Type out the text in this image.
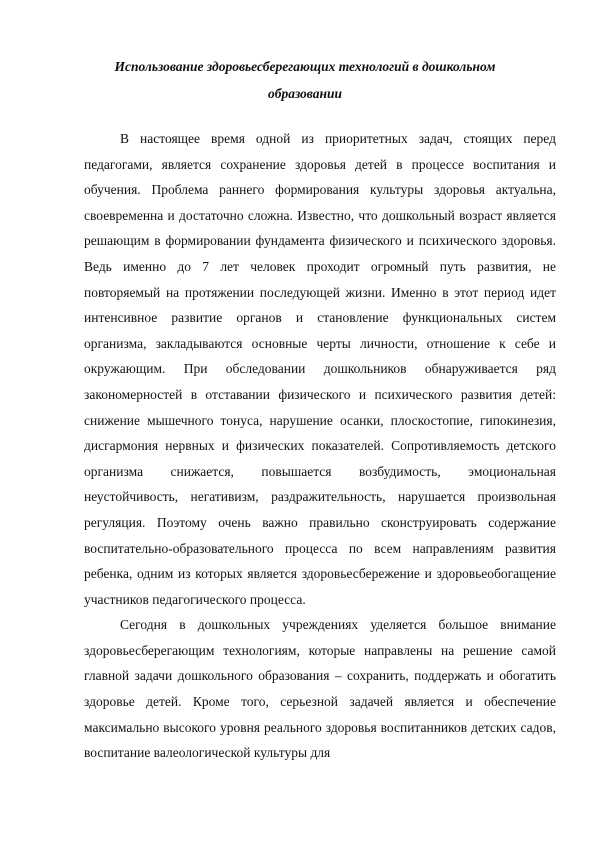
Использование здоровьесберегающих технологий в дошкольном
образовании

В настоящее время одной из приоритетных задач, стоящих перед педагогами, является сохранение здоровья детей в процессе воспитания и обучения. Проблема раннего формирования культуры здоровья актуальна, своевременна и достаточно сложна. Известно, что дошкольный возраст является решающим в формировании фундамента физического и психического здоровья. Ведь именно до 7 лет человек проходит огромный путь развития, не повторяемый на протяжении последующей жизни. Именно в этот период идет интенсивное развитие органов и становление функциональных систем организма, закладываются основные черты личности, отношение к себе и окружающим. При обследовании дошкольников обнаруживается ряд закономерностей в отставании физического и психического развития детей: снижение мышечного тонуса, нарушение осанки, плоскостопие, гипокинезия, дисгармония нервных и физических показателей. Сопротивляемость детского организма снижается, повышается возбудимость, эмоциональная неустойчивость, негативизм, раздражительность, нарушается произвольная регуляция. Поэтому очень важно правильно сконструировать содержание воспитательно-образовательного процесса по всем направлениям развития ребенка, одним из которых является здоровьесбережение и здоровьеобогащение участников педагогического процесса.

Сегодня в дошкольных учреждениях уделяется большое внимание здоровьесберегающим технологиям, которые направлены на решение самой главной задачи дошкольного образования – сохранить, поддержать и обогатить здоровье детей. Кроме того, серьезной задачей является и обеспечение максимально высокого уровня реального здоровья воспитанников детских садов, воспитание валеологической культуры для
